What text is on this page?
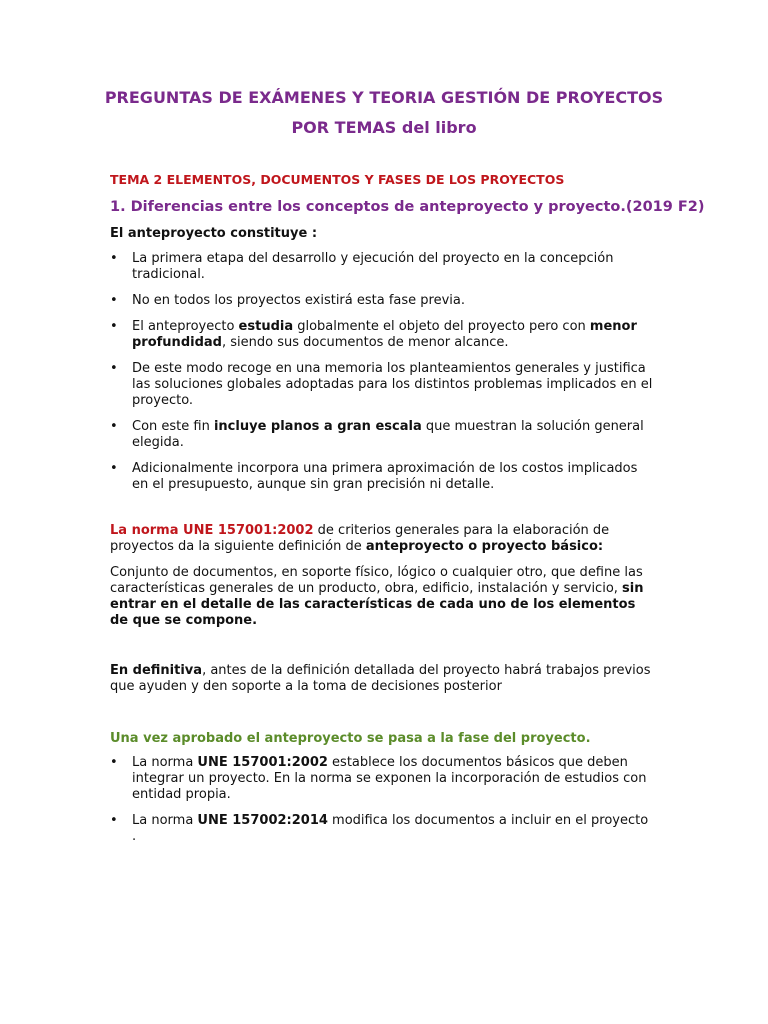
PREGUNTAS DE EXÁMENES Y TEORIA GESTIÓN DE PROYECTOS
POR TEMAS del libro
TEMA 2 ELEMENTOS, DOCUMENTOS Y FASES DE LOS PROYECTOS
1. Diferencias entre los conceptos de anteproyecto y proyecto.(2019 F2)
El anteproyecto constituye :
• La primera etapa del desarrollo y ejecución del proyecto en la concepción tradicional.
• No en todos los proyectos existirá esta fase previa.
• El anteproyecto estudia globalmente el objeto del proyecto pero con menor profundidad, siendo sus documentos de menor alcance.
• De este modo recoge en una memoria los planteamientos generales y justifica las soluciones globales adoptadas para los distintos problemas implicados en el proyecto.
• Con este fin incluye planos a gran escala que muestran la solución general elegida.
• Adicionalmente incorpora una primera aproximación de los costos implicados en el presupuesto, aunque sin gran precisión ni detalle.

La norma UNE 157001:2002 de criterios generales para la elaboración de proyectos da la siguiente definición de anteproyecto o proyecto básico:

Conjunto de documentos, en soporte físico, lógico o cualquier otro, que define las características generales de un producto, obra, edificio, instalación y servicio, sin entrar en el detalle de las características de cada uno de los elementos de que se compone.

En definitiva, antes de la definición detallada del proyecto habrá trabajos previos que ayuden y den soporte a la toma de decisiones posterior

Una vez aprobado el anteproyecto se pasa a la fase del proyecto.
• La norma UNE 157001:2002 establece los documentos básicos que deben integrar un proyecto. En la norma se exponen la incorporación de estudios con entidad propia.
• La norma UNE 157002:2014 modifica los documentos a incluir en el proyecto .
